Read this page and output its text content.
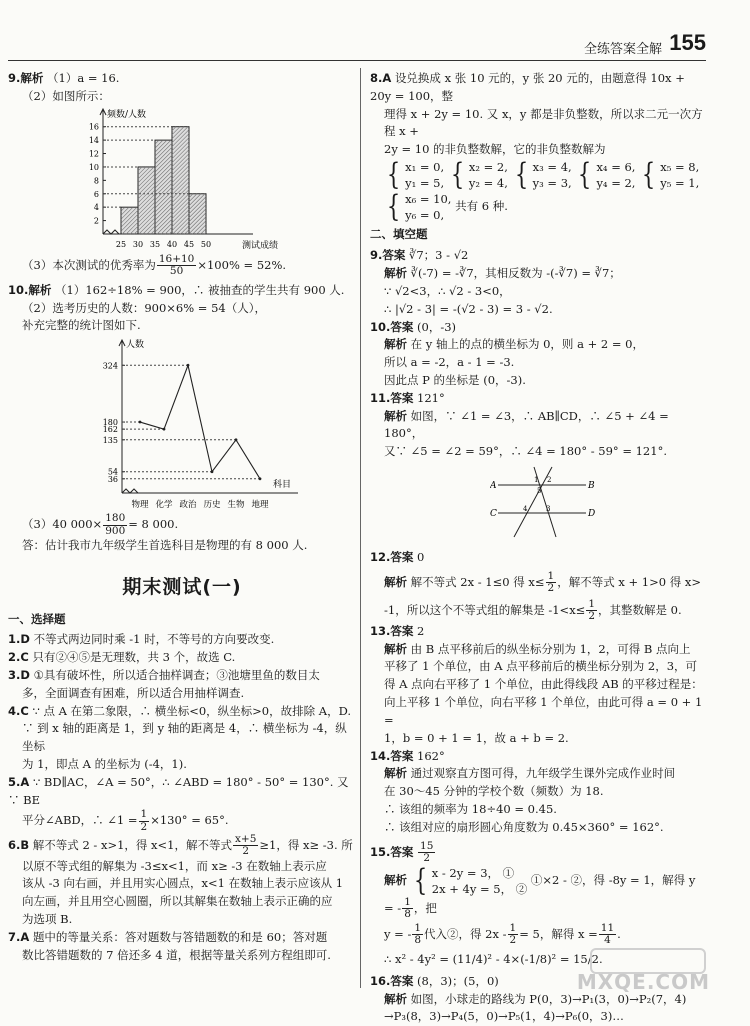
全练答案全解 155

9.解析 （1）a = 16.

（2）如图所示：

频数/人数
测试成绩
2
4
6
8
10
12
14
16
25 30 35 40 45 50

（3）本次测试的优秀率为 $\frac{16+10}{50} \times 100\% = 52\%$.

10.解析 （1）162÷18% = 900，∴ 被抽查的学生共有 900 人.

（2）选考历史的人数：900×6% = 54（人），

补充完整的统计图如下.

人数
科目
36
54
135
162
180
324
物理 化学 政治 历史 生物 地理

（3）40 $000\times \frac{180}{900} = 8$ 000.

答：估计我市九年级学生首选科目是物理的有 8 000 人.

期末测试(一)
一、选择题

1.D 不等式两边同时乘 -1 时，不等号的方向要改变.

2.C 只有②④⑤是无理数，共 3 个，故选 C.

3.D ①具有破坏性，所以适合抽样调查；③池塘里鱼的数目太

多，全面调查有困难，所以适合用抽样调查.

4.C ∵ 点 A 在第二象限，∴ 横坐标<0，纵坐标>0，故排除 A，D.

∵ 到 x 轴的距离是 1，到 y 轴的距离是 4，∴ 横坐标为 -4，纵坐标

为 1，即点 A 的坐标为 (-4，1).

5.A ∵ BD∥AC，∠A = 50°，∴ ∠ABD = 180° - 50° = 130°. 又∵ BE

平分∠ABD，∴ ∠1 = $\frac{1}{2} \times 130^\circ = 65^\circ$.

6.B 解不等式 2 - x>1，得 x<1，解不等式 $\frac{x+5}{2} \ge 1$，得 x≥ -3. 所

以原不等式组的解集为 -3≤x<1，而 x≥ -3 在数轴上表示应

该从 -3 向右画，并且用实心圆点，x<1 在数轴上表示应该从 1

向左画，并且用空心圆圈，所以其解集在数轴上表示正确的应

为选项 B.

7.A 题中的等量关系：答对题数与答错题数的和是 60；答对题

数比答错题数的 7 倍还多 4 道，根据等量关系列方程组即可.

8.A 设兑换成 x 张 10 元的，y 张 20 元的，由题意得 10x + 20y = 100，整

理得 x + 2y = 10. 又 x，y 都是非负整数，所以求二元一次方程 x +

2y = 10 的非负整数解，它的非负整数解为

{ x₁ = 0,
y₁ = 5, { x₂ = 2,
y₂ = 4, { x₃ = 4,
y₃ = 3, { x₄ = 6,
y₄ = 2, { x₅ = 8,
y₅ = 1, { x₆ = 10,
y₆ = 0, 共有 6 种.

二、填空题

9.答案 ∛7；3 - √2

解析 ∛(-7) = -∛7，其相反数为 -(-∛7) = ∛7；

∵ √2<3，∴ √2 - 3<0，

∴ |√2 - 3| = -(√2 - 3) = 3 - √2.

10.答案 (0，-3)

解析 在 y 轴上的点的横坐标为 0，则 a + 2 = 0，

所以 a = -2，a - 1 = -3.

因此点 P 的坐标是 (0，-3).

11.答案 121°

解析 如图，∵ ∠1 = ∠3，∴ AB∥CD，∴ ∠5 + ∠4 = 180°，

又∵ ∠5 = ∠2 = 59°，∴ ∠4 = 180° - 59° = 121°.

A	B
C	D
1 2
5
4	3

12.答案 0

解析 解不等式 2x - 1≤0 得 $x\le \frac{1}{2}$ ，解不等式 x + 1>0 得 x>

-1，所以这个不等式组的解集是 $-1<x\le \frac{1}{2}$ ，其整数解是 0.

13.答案 2

解析 由 B 点平移前后的纵坐标分别为 1，2，可得 B 点向上

平移了 1 个单位，由 A 点平移前后的横坐标分别为 2，3，可

得 A 点向右平移了 1 个单位，由此得线段 AB 的平移过程是：

向上平移 1 个单位，向右平移 1 个单位，由此可得 a = 0 + 1 =

1，b = 0 + 1 = 1，故 a + b = 2.

14.答案 162°

解析 通过观察直方图可得，九年级学生课外完成作业时间

在 30～45 分钟的学校个数（频数）为 18.

∴ 该组的频率为 18÷40 = 0.45.

∴ 该组对应的扇形圆心角度数为 0.45×360° = 162°.

15.答案 $\frac{15}{2}$

解析 { x - 2y = 3， ①
2x + 4y = 5， ② ①×2 - ②，得 -8y = 1，解得 y = - $\frac{1}{8}$ ，把

y = - $\frac{1}{8}$ 代入②，得 $2x - \frac{1}{2} = 5$，解得 $x = \frac{11}{4}$ .

∴ x² - 4y² = (11/4)² - 4×(-1/8)² = 15/2.

16.答案 (8，3)；(5，0)

解析 如图，小球走的路线为 P(0，3)→P₁(3，0)→P₂(7，4)

→P₃(8，3)→P₄(5，0)→P₅(1，4)→P₆(0，3)…

MXQE.COM
